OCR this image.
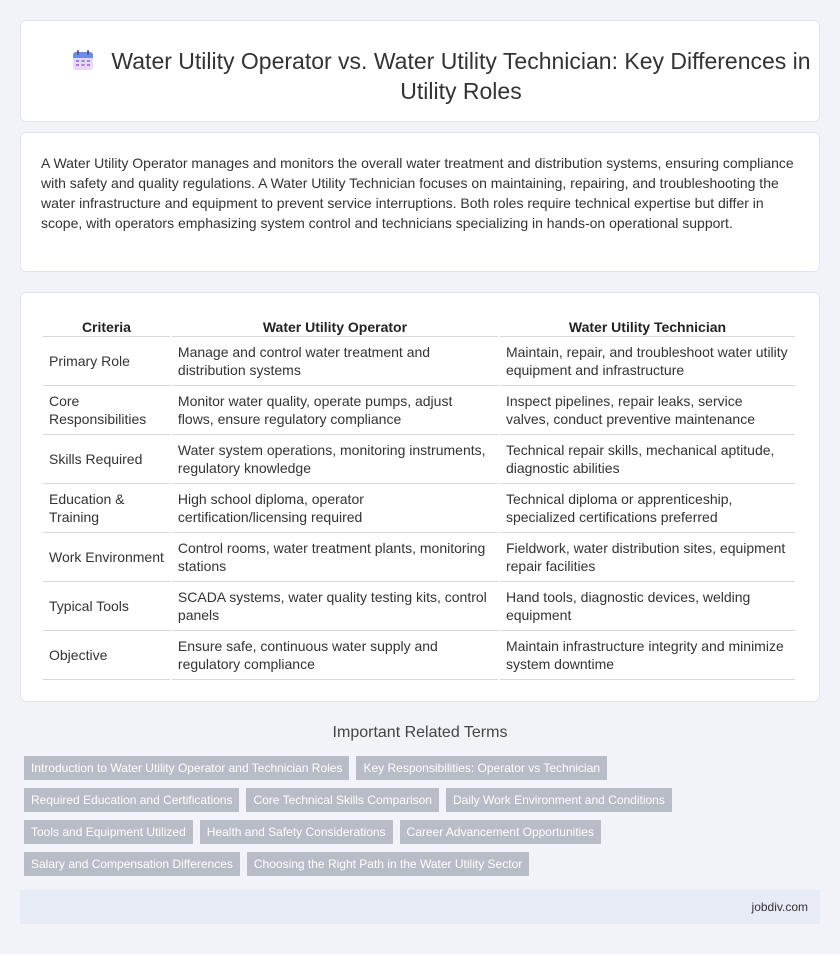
Water Utility Operator vs. Water Utility Technician: Key Differences in Utility Roles

A Water Utility Operator manages and monitors the overall water treatment and distribution systems, ensuring compliance with safety and quality regulations. A Water Utility Technician focuses on maintaining, repairing, and troubleshooting the water infrastructure and equipment to prevent service interruptions. Both roles require technical expertise but differ in scope, with operators emphasizing system control and technicians specializing in hands-on operational support.

Criteria	Water Utility Operator	Water Utility Technician
Primary Role	Manage and control water treatment and distribution systems	Maintain, repair, and troubleshoot water utility equipment and infrastructure
Core Responsibilities	Monitor water quality, operate pumps, adjust flows, ensure regulatory compliance	Inspect pipelines, repair leaks, service valves, conduct preventive maintenance
Skills Required	Water system operations, monitoring instruments, regulatory knowledge	Technical repair skills, mechanical aptitude, diagnostic abilities
Education & Training	High school diploma, operator certification/licensing required	Technical diploma or apprenticeship, specialized certifications preferred
Work Environment	Control rooms, water treatment plants, monitoring stations	Fieldwork, water distribution sites, equipment repair facilities
Typical Tools	SCADA systems, water quality testing kits, control panels	Hand tools, diagnostic devices, welding equipment
Objective	Ensure safe, continuous water supply and regulatory compliance	Maintain infrastructure integrity and minimize system downtime
Important Related Terms
Introduction to Water Utility Operator and Technician Roles	Key Responsibilities: Operator vs Technician
Required Education and Certifications	Core Technical Skills Comparison	Daily Work Environment and Conditions
Tools and Equipment Utilized	Health and Safety Considerations	Career Advancement Opportunities
Salary and Compensation Differences	Choosing the Right Path in the Water Utility Sector
jobdiv.com
